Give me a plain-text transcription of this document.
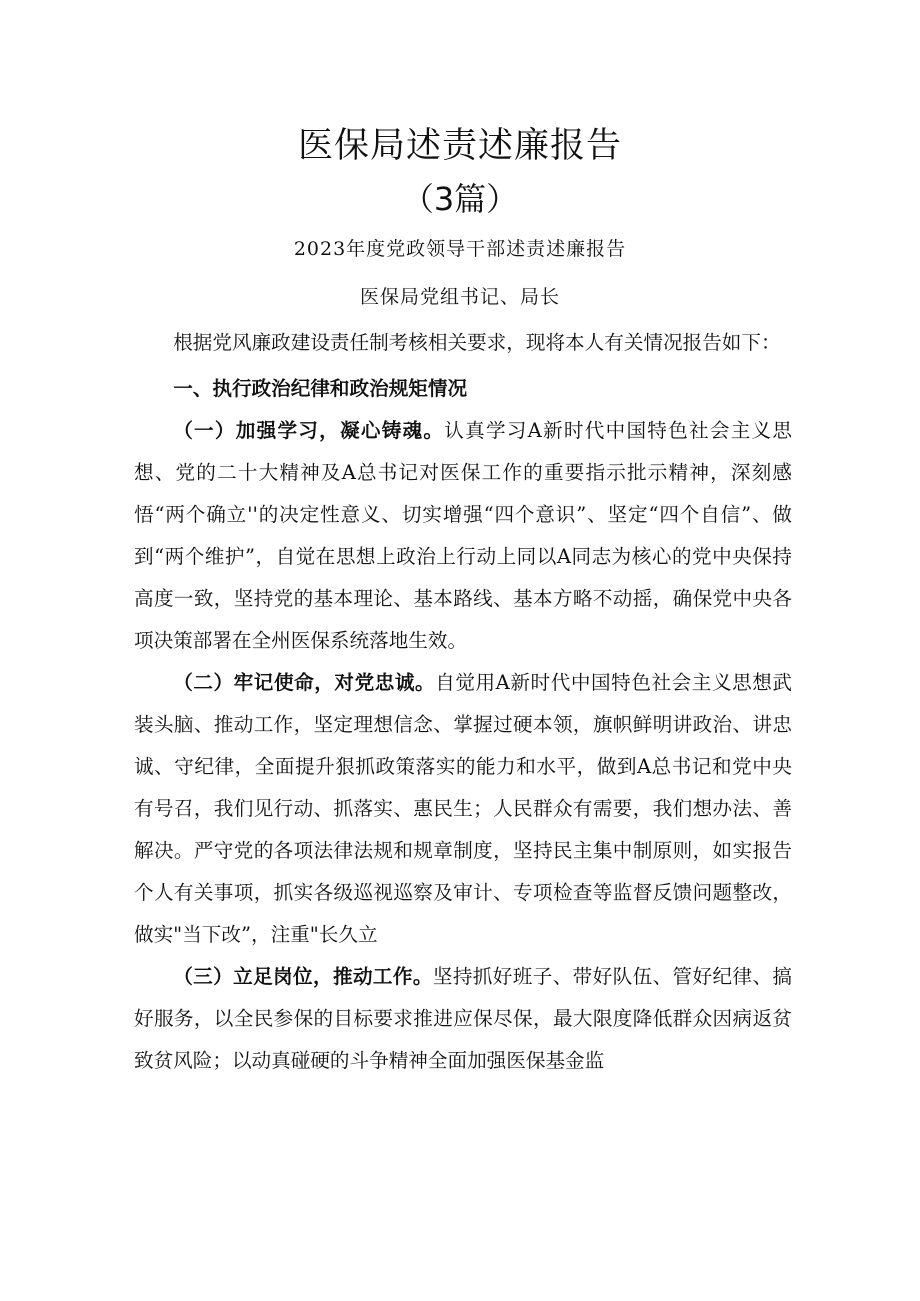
医保局述责述廉报告
（3篇）
2023年度党政领导干部述责述廉报告
医保局党组书记、局长

根据党风廉政建设责任制考核相关要求，现将本人有关情况报告如下：

一、执行政治纪律和政治规矩情况

（一）加强学习，凝心铸魂。认真学习A新时代中国特色社会主义思想、党的二十大精神及A总书记对医保工作的重要指示批示精神，深刻感悟“两个确立''的决定性意义、切实增强“四个意识”、坚定“四个自信”、做到“两个维护”，自觉在思想上政治上行动上同以A同志为核心的党中央保持高度一致，坚持党的基本理论、基本路线、基本方略不动摇，确保党中央各项决策部署在全州医保系统落地生效。

（二）牢记使命，对党忠诚。自觉用A新时代中国特色社会主义思想武装头脑、推动工作，坚定理想信念、掌握过硬本领，旗帜鲜明讲政治、讲忠诚、守纪律，全面提升狠抓政策落实的能力和水平，做到A总书记和党中央有号召，我们见行动、抓落实、惠民生；人民群众有需要，我们想办法、善解决。严守党的各项法律法规和规章制度，坚持民主集中制原则，如实报告个人有关事项，抓实各级巡视巡察及审计、专项检查等监督反馈问题整改，做实"当下改”，注重"长久立

（三）立足岗位，推动工作。坚持抓好班子、带好队伍、管好纪律、搞好服务，以全民参保的目标要求推进应保尽保，最大限度降低群众因病返贫致贫风险；以动真碰硬的斗争精神全面加强医保基金监
